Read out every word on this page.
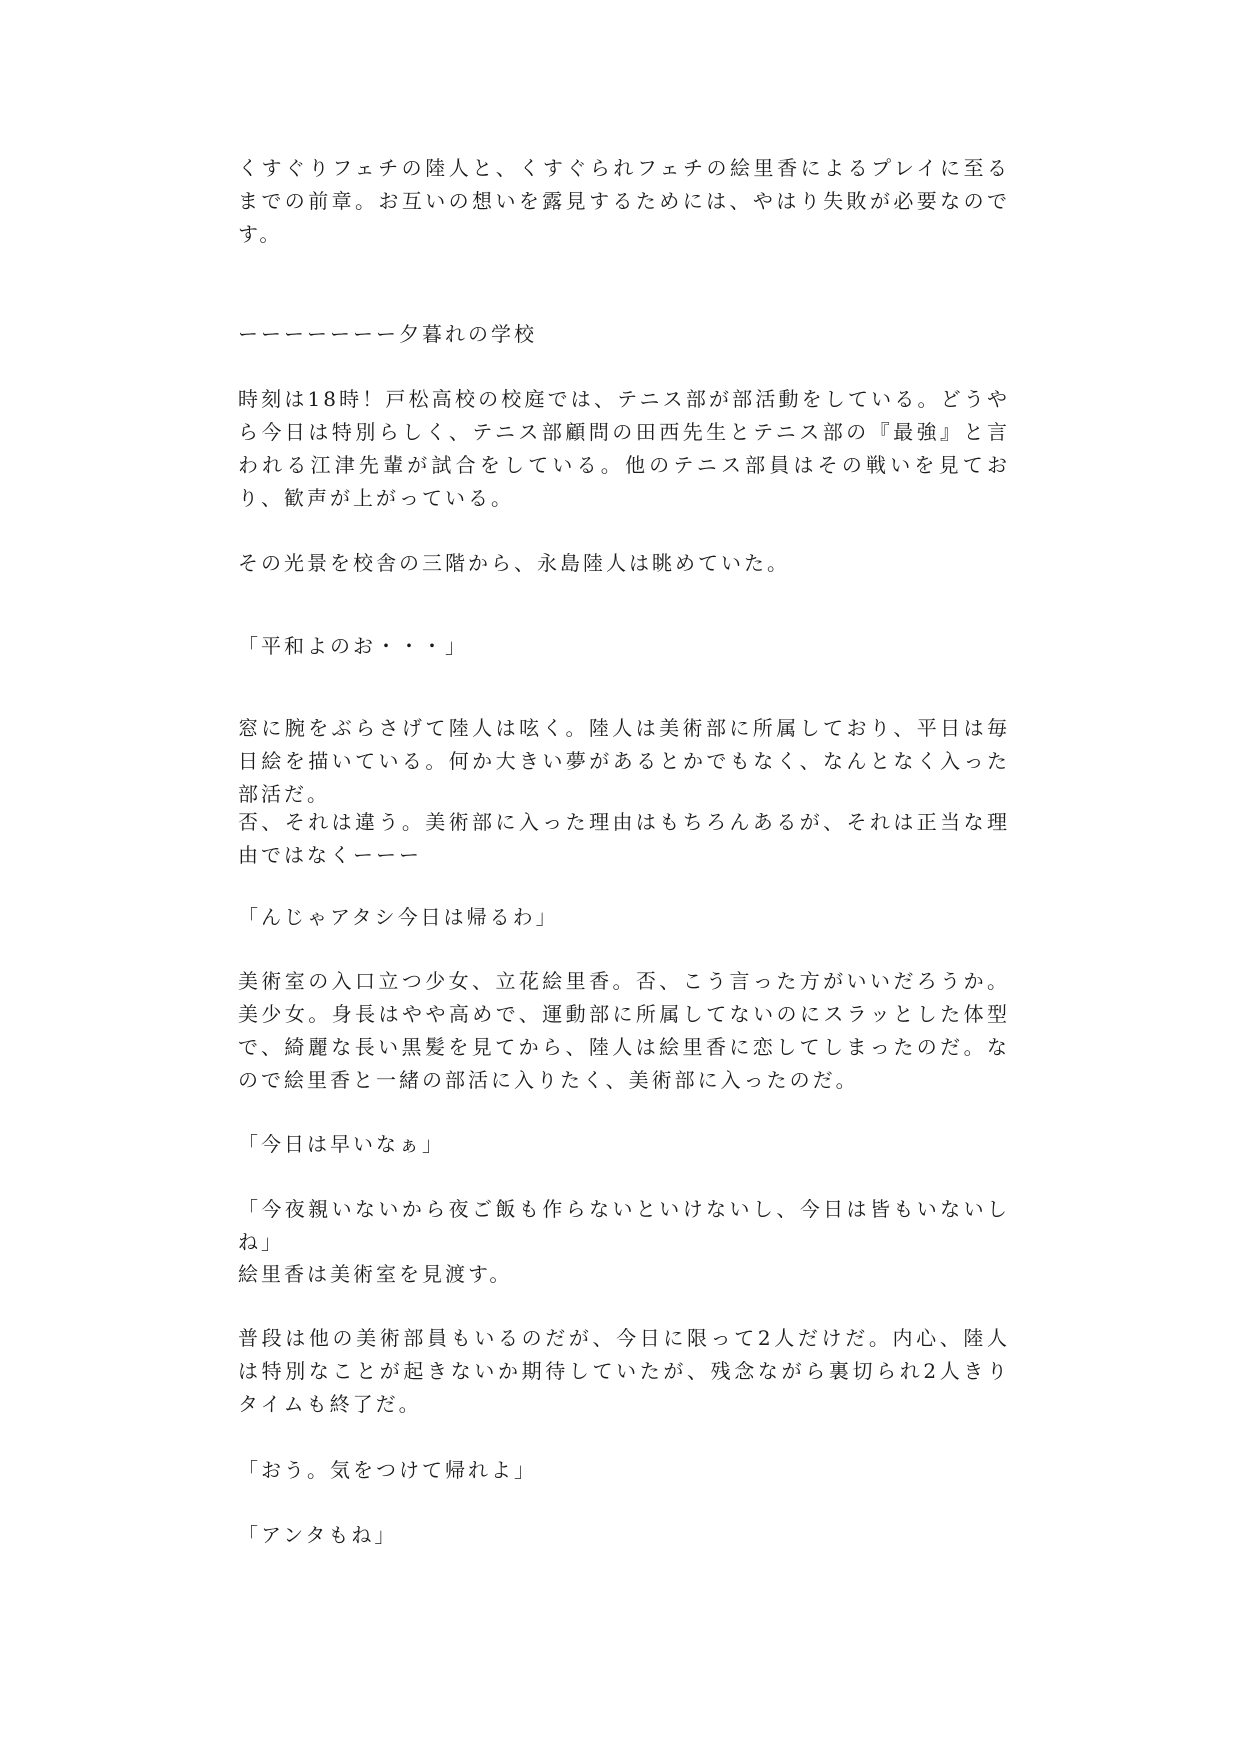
くすぐりフェチの陸人と、くすぐられフェチの絵里香によるプレイに至るまでの前章。お互いの想いを露見するためには、やはり失敗が必要なのです。

ーーーーーーー夕暮れの学校

時刻は18時！戸松高校の校庭では、テニス部が部活動をしている。どうやら今日は特別らしく、テニス部顧問の田西先生とテニス部の『最強』と言われる江津先輩が試合をしている。他のテニス部員はその戦いを見ており、歓声が上がっている。

その光景を校舎の三階から、永島陸人は眺めていた。

「平和よのお・・・」

窓に腕をぶらさげて陸人は呟く。陸人は美術部に所属しており、平日は毎日絵を描いている。何か大きい夢があるとかでもなく、なんとなく入った部活だ。

否、それは違う。美術部に入った理由はもちろんあるが、それは正当な理由ではなくーーー

「んじゃアタシ今日は帰るわ」

美術室の入口立つ少女、立花絵里香。否、こう言った方がいいだろうか。美少女。身長はやや高めで、運動部に所属してないのにスラッとした体型で、綺麗な長い黒髪を見てから、陸人は絵里香に恋してしまったのだ。なので絵里香と一緒の部活に入りたく、美術部に入ったのだ。

「今日は早いなぁ」

「今夜親いないから夜ご飯も作らないといけないし、今日は皆もいないしね」

絵里香は美術室を見渡す。

普段は他の美術部員もいるのだが、今日に限って2人だけだ。内心、陸人は特別なことが起きないか期待していたが、残念ながら裏切られ2人きりタイムも終了だ。

「おう。気をつけて帰れよ」

「アンタもね」
